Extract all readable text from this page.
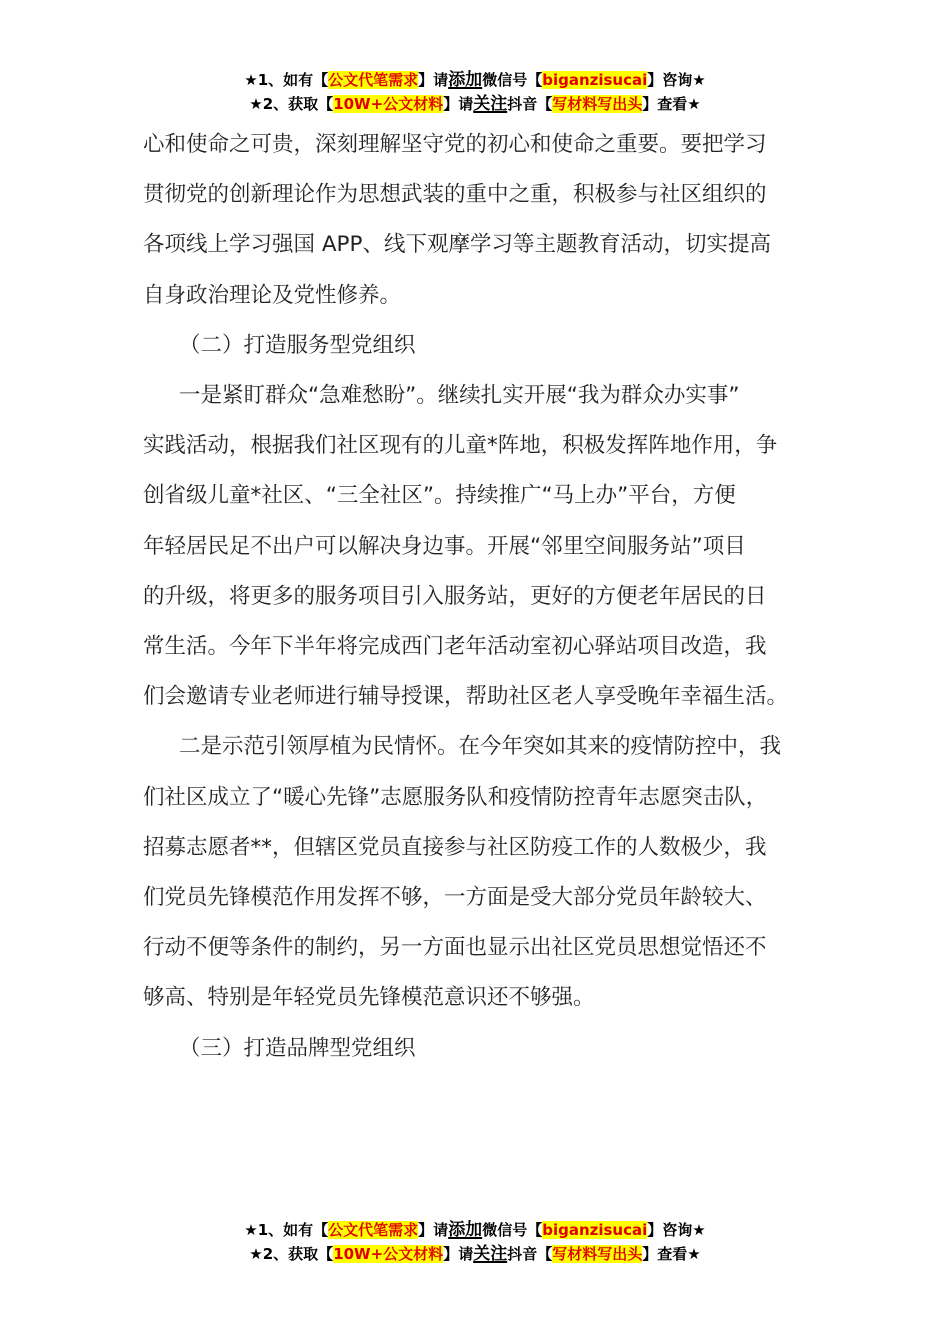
★1、如有【公文代笔需求】请添加微信号【biganzisucai】咨询★
★2、获取【10W+公文材料】请关注抖音【写材料写出头】查看★
心和使命之可贵，深刻理解坚守党的初心和使命之重要。要把学习
贯彻党的创新理论作为思想武装的重中之重，积极参与社区组织的
各项线上学习强国 APP、线下观摩学习等主题教育活动，切实提高
自身政治理论及党性修养。
（二）打造服务型党组织
一是紧盯群众“急难愁盼”。继续扎实开展“我为群众办实事”
实践活动，根据我们社区现有的儿童*阵地，积极发挥阵地作用，争
创省级儿童*社区、“三全社区”。持续推广“马上办”平台，方便
年轻居民足不出户可以解决身边事。开展“邻里空间服务站”项目
的升级，将更多的服务项目引入服务站，更好的方便老年居民的日
常生活。今年下半年将完成西门老年活动室初心驿站项目改造，我
们会邀请专业老师进行辅导授课，帮助社区老人享受晚年幸福生活。
二是示范引领厚植为民情怀。在今年突如其来的疫情防控中，我
们社区成立了“暖心先锋”志愿服务队和疫情防控青年志愿突击队，
招募志愿者**，但辖区党员直接参与社区防疫工作的人数极少，我
们党员先锋模范作用发挥不够，一方面是受大部分党员年龄较大、
行动不便等条件的制约，另一方面也显示出社区党员思想觉悟还不
够高、特别是年轻党员先锋模范意识还不够强。
（三）打造品牌型党组织
★1、如有【公文代笔需求】请添加微信号【biganzisucai】咨询★
★2、获取【10W+公文材料】请关注抖音【写材料写出头】查看★
